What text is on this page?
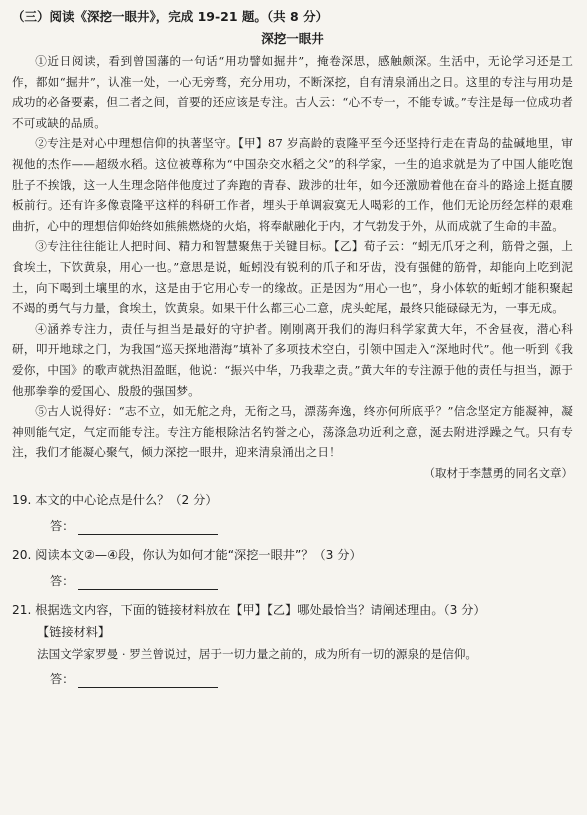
（三）阅读《深挖一眼井》，完成 19-21 题。（共 8 分）

深挖一眼井

①近日阅读，看到曾国藩的一句话“用功譬如掘井”，掩卷深思，感触颇深。生活中，无论学习还是工作，都如“掘井”，认准一处，一心无旁骛，充分用功，不断深挖，自有清泉涌出之日。这里的专注与用功是成功的必备要素，但二者之间，首要的还应该是专注。古人云：“心不专一，不能专诚。”专注是每一位成功者不可或缺的品质。

②专注是对心中理想信仰的执著坚守。【甲】87 岁高龄的袁隆平至今还坚持行走在青岛的盐碱地里，审视他的杰作——超级水稻。这位被尊称为“中国杂交水稻之父”的科学家，一生的追求就是为了中国人能吃饱肚子不挨饿，这一人生理念陪伴他度过了奔跑的青春、跋涉的壮年，如今还激励着他在奋斗的路途上挺直腰板前行。还有许多像袁隆平这样的科研工作者，埋头于单调寂寞无人喝彩的工作，他们无论历经怎样的艰难曲折，心中的理想信仰始终如熊熊燃烧的火焰，将奉献融化于内，才气勃发于外，从而成就了生命的丰盈。

③专注往往能让人把时间、精力和智慧聚焦于关键目标。【乙】荀子云：“蚓无爪牙之利，筋骨之强，上食埃土，下饮黄泉，用心一也。”意思是说，蚯蚓没有锐利的爪子和牙齿，没有强健的筋骨，却能向上吃到泥土，向下喝到土壤里的水，这是由于它用心专一的缘故。正是因为“用心一也”，身小体软的蚯蚓才能积聚起不竭的勇气与力量，食埃土，饮黄泉。如果干什么都三心二意，虎头蛇尾，最终只能碌碌无为，一事无成。

④涵养专注力，责任与担当是最好的守护者。刚刚离开我们的海归科学家黄大年，不舍昼夜，潜心科研，叩开地球之门，为我国“巡天探地潜海”填补了多项技术空白，引领中国走入“深地时代”。他一听到《我爱你，中国》的歌声就热泪盈眶，他说：“振兴中华，乃我辈之责。”黄大年的专注源于他的责任与担当，源于他那拳拳的爱国心、殷殷的强国梦。

⑤古人说得好：“志不立，如无舵之舟，无衔之马，漂荡奔逸，终亦何所底乎？”信念坚定方能凝神，凝神则能气定，气定而能专注。专注方能根除沽名钓誉之心，荡涤急功近利之意，涎去附进浮躁之气。只有专注，我们才能凝心聚气，倾力深挖一眼井，迎来清泉涌出之日！

（取材于李慧勇的同名文章）

19. 本文的中心论点是什么？（2 分）

答：

20. 阅读本文②—④段，你认为如何才能“深挖一眼井”？（3 分）

答：

21. 根据选文内容，下面的链接材料放在【甲】【乙】哪处最恰当？请阐述理由。（3 分）

【链接材料】

法国文学家罗曼 · 罗兰曾说过，居于一切力量之前的，成为所有一切的源泉的是信仰。

答：
